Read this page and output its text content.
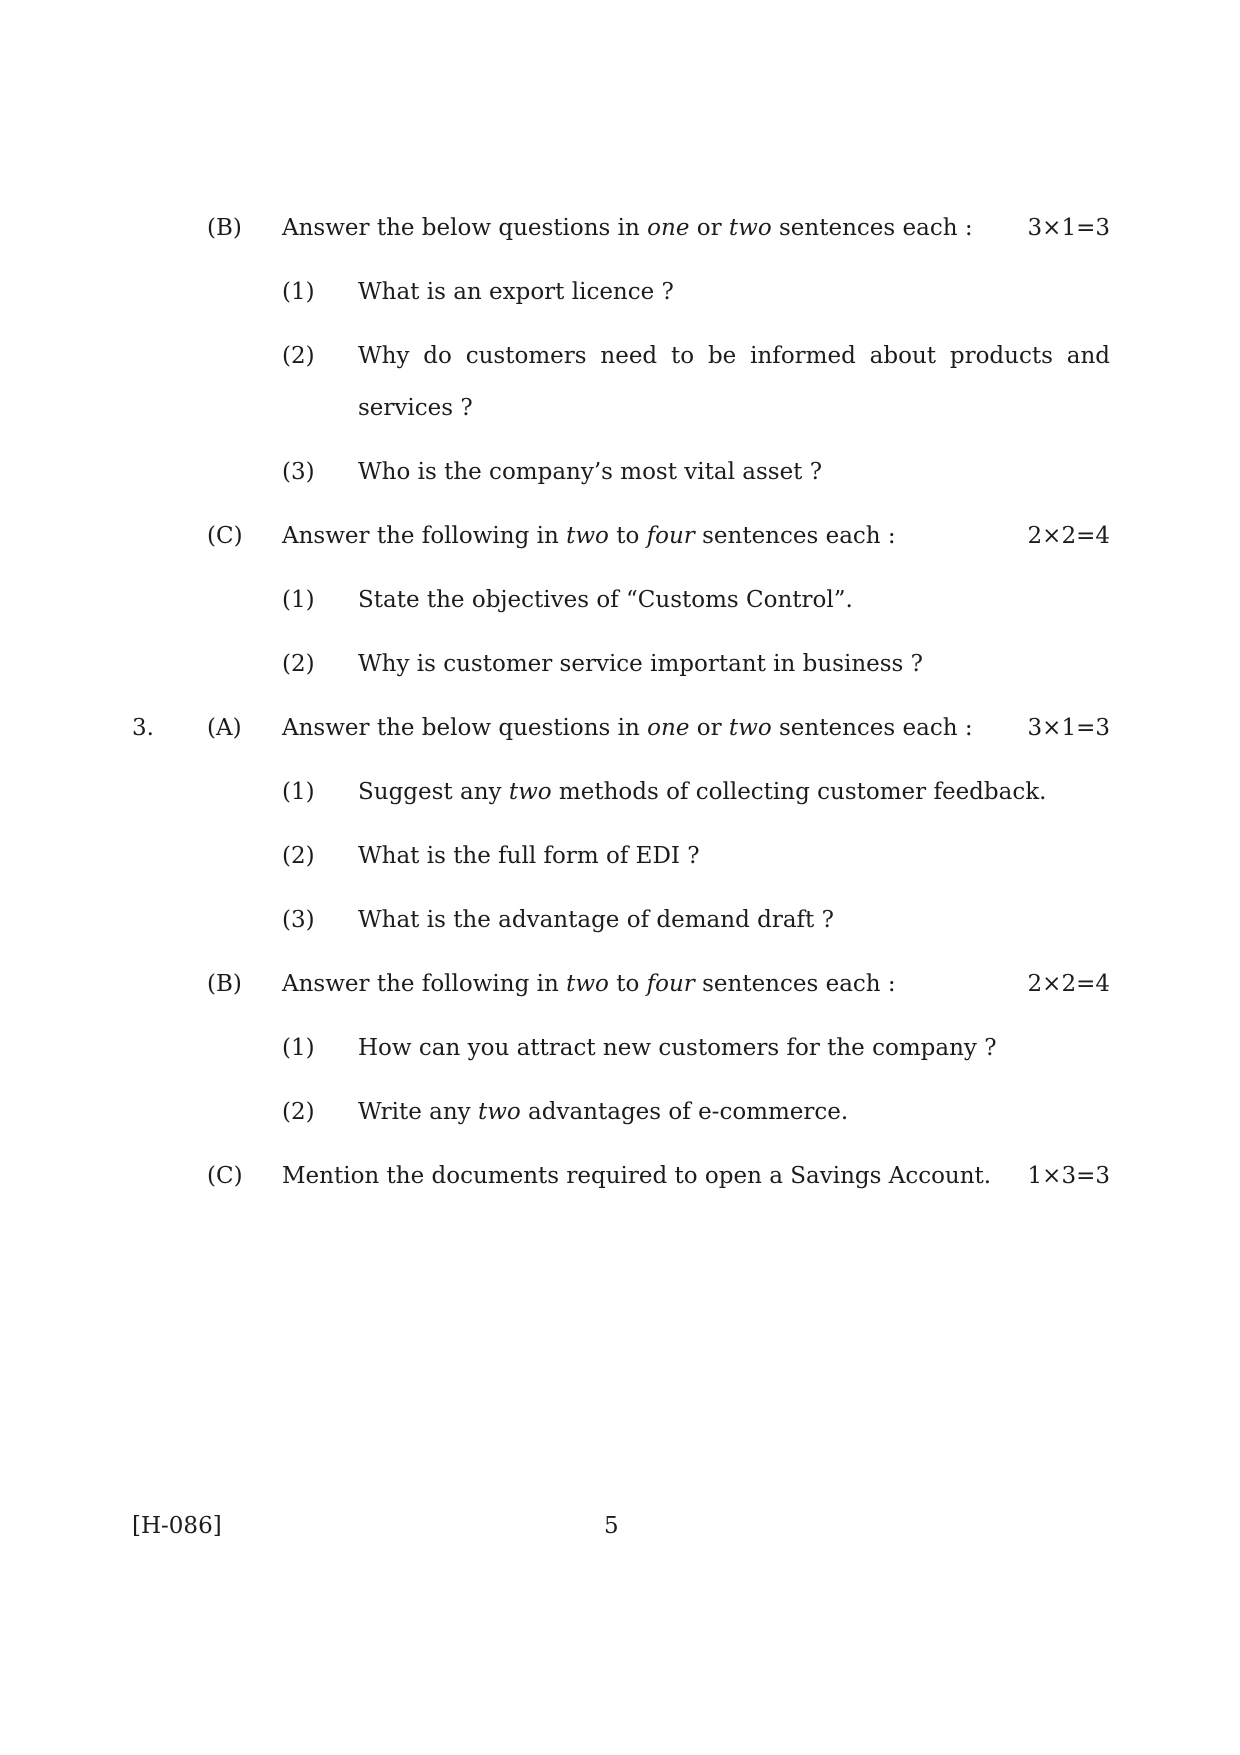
(B) Answer the below questions in one or two sentences each : 3×1=3
(1) What is an export licence ?
(2) Why do customers need to be informed about products and
services ?
(3) Who is the company’s most vital asset ?
(C) Answer the following in two to four sentences each :	2×2=4
(1) State the objectives of “Customs Control”.
(2) Why is customer service important in business ?
3. (A) Answer the below questions in one or two sentences each : 3×1=3
(1) Suggest any two methods of collecting customer feedback.
(2) What is the full form of EDI ?
(3) What is the advantage of demand draft ?
(B) Answer the following in two to four sentences each :	2×2=4
(1) How can you attract new customers for the company ?
(2) Write any two advantages of e-commerce.
(C) Mention the documents required to open a Savings Account. 1×3=3
[H-086]	5
